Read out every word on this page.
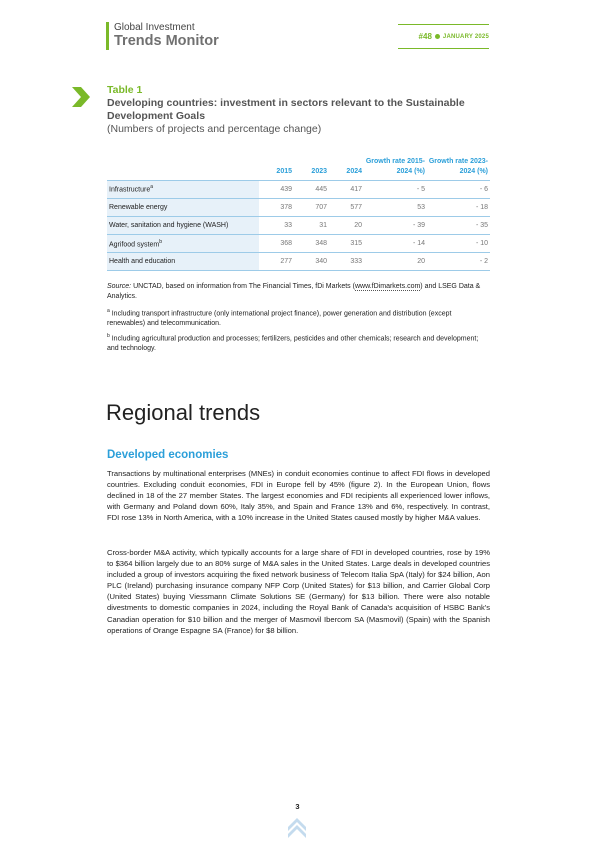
Global Investment
Trends Monitor	#48 JANUARY 2025
Table 1
Developing countries: investment in sectors relevant to the Sustainable Development Goals
(Numbers of projects and percentage change)
	2015	2023	2024	Growth rate 2015-2024 (%)	Growth rate 2023-2024 (%)
Infrastructure$^a$	439	445	417	- 5	- 6
Renewable energy	378	707	577	53	- 18
Water, sanitation and hygiene (WASH)	33	31	20	- 39	- 35
Agrifood system$^b$	368	348	315	- 14	- 10
Health and education	277	340	333	20	- 2
Source: UNCTAD, based on information from The Financial Times, fDi Markets (www.fDimarkets.com) and LSEG Data & Analytics.
$^a$ Including transport infrastructure (only international project finance), power generation and distribution (except renewables) and telecommunication.
$^b$ Including agricultural production and processes; fertilizers, pesticides and other chemicals; research and development; and technology.
Regional trends
Developed economies

Transactions by multinational enterprises (MNEs) in conduit economies continue to affect FDI flows in developed countries. Excluding conduit economies, FDI in Europe fell by 45% (figure 2). In the European Union, flows declined in 18 of the 27 member States. The largest economies and FDI recipients all experienced lower inflows, with Germany and Poland down 60%, Italy 35%, and Spain and France 13% and 6%, respectively. In contrast, FDI rose 13% in North America, with a 10% increase in the United States caused mostly by higher M&A values.

Cross-border M&A activity, which typically accounts for a large share of FDI in developed countries, rose by 19% to $364 billion largely due to an 80% surge of M&A sales in the United States. Large deals in developed countries included a group of investors acquiring the fixed network business of Telecom Italia SpA (Italy) for $24 billion, Aon PLC (Ireland) purchasing insurance company NFP Corp (United States) for $13 billion, and Carrier Global Corp (United States) buying Viessmann Climate Solutions SE (Germany) for $13 billion. There were also notable divestments to domestic companies in 2024, including the Royal Bank of Canada's acquisition of HSBC Bank's Canadian operation for $10 billion and the merger of Masmovil Ibercom SA (Masmovil) (Spain) with the Spanish operations of Orange Espagne SA (France) for $8 billion.

3
